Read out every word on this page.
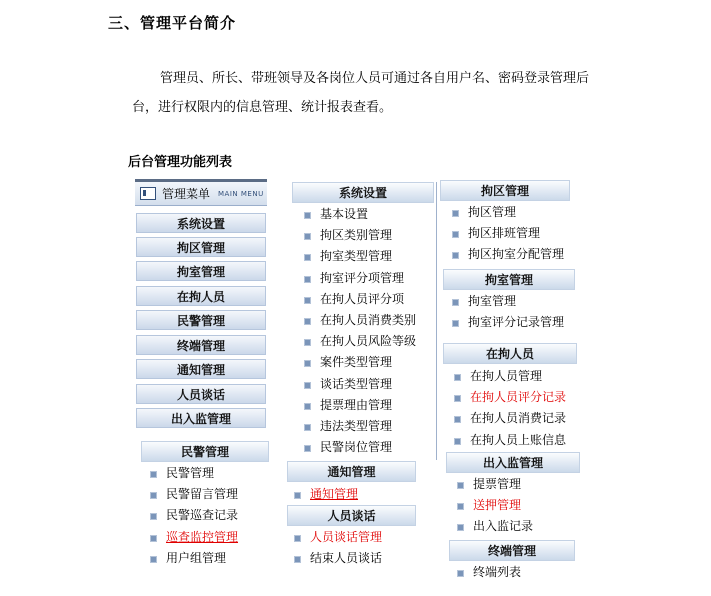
三、管理平台简介
管理员、所长、带班领导及各岗位人员可通过各自用户名、密码登录管理后台，进行权限内的信息管理、统计报表查看。
后台管理功能列表
管理菜单 MAIN MENU
系统设置
拘区管理
拘室管理
在拘人员
民警管理
终端管理
通知管理
人员谈话
出入监管理
民警管理
民警管理
民警留言管理
民警巡查记录
巡查监控管理
用户组管理
系统设置
基本设置
拘区类别管理
拘室类型管理
拘室评分项管理
在拘人员评分项
在拘人员消费类别
在拘人员风险等级
案件类型管理
谈话类型管理
提票理由管理
违法类型管理
民警岗位管理
通知管理
通知管理
人员谈话
人员谈话管理
结束人员谈话
拘区管理
拘区管理
拘区排班管理
拘区拘室分配管理
拘室管理
拘室管理
拘室评分记录管理
在拘人员
在拘人员管理
在拘人员评分记录
在拘人员消费记录
在拘人员上账信息
出入监管理
提票管理
送押管理
出入监记录
终端管理
终端列表
